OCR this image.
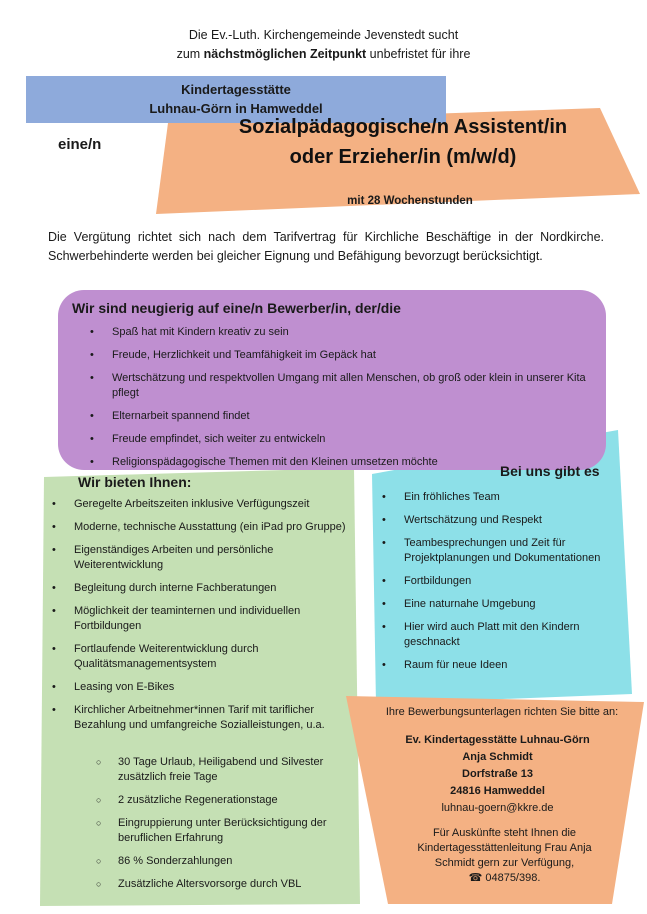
Die Ev.-Luth. Kirchengemeinde Jevenstedt sucht
zum nächstmöglichen Zeitpunkt unbefristet für ihre
Kindertagesstätte
Luhnau-Görn in Hamweddel
eine/n
Sozialpädagogische/n Assistent/in
oder Erzieher/in (m/w/d)
mit 28 Wochenstunden
Die Vergütung richtet sich nach dem Tarifvertrag für Kirchliche Beschäftige in der Nordkirche. Schwerbehinderte werden bei gleicher Eignung und Befähigung bevorzugt berücksichtigt.
Wir sind neugierig auf eine/n Bewerber/in, der/die
• Spaß hat mit Kindern kreativ zu sein
• Freude, Herzlichkeit und Teamfähigkeit im Gepäck hat
• Wertschätzung und respektvollen Umgang mit allen Menschen, ob groß oder klein in unserer Kita pflegt
• Elternarbeit spannend findet
• Freude empfindet, sich weiter zu entwickeln
• Religionspädagogische Themen mit den Kleinen umsetzen möchte
Wir bieten Ihnen:
• Geregelte Arbeitszeiten inklusive Verfügungszeit
• Moderne, technische Ausstattung (ein iPad pro Gruppe)
• Eigenständiges Arbeiten und persönliche Weiterentwicklung
• Begleitung durch interne Fachberatungen
• Möglichkeit der teaminternen und individuellen Fortbildungen
• Fortlaufende Weiterentwicklung durch Qualitätsmanagementsystem
• Leasing von E-Bikes
• Kirchlicher Arbeitnehmer*innen Tarif mit tariflicher Bezahlung und umfangreiche Sozialleistungen, u.a.
○ 30 Tage Urlaub, Heiligabend und Silvester zusätzlich freie Tage
○ 2 zusätzliche Regenerationstage
○ Eingruppierung unter Berücksichtigung der beruflichen Erfahrung
○ 86 % Sonderzahlungen
○ Zusätzliche Altersvorsorge durch VBL
Bei uns gibt es
• Ein fröhliches Team
• Wertschätzung und Respekt
• Teambesprechungen und Zeit für Projektplanungen und Dokumentationen
• Fortbildungen
• Eine naturnahe Umgebung
• Hier wird auch Platt mit den Kindern geschnackt
• Raum für neue Ideen
Ihre Bewerbungsunterlagen richten Sie bitte an:
Ev. Kindertagesstätte Luhnau-Görn
Anja Schmidt
Dorfstraße 13
24816 Hamweddel
luhnau-goern@kkre.de
Für Auskünfte steht Ihnen die Kindertagesstättenleitung Frau Anja Schmidt gern zur Verfügung,
☎ 04875/398.
